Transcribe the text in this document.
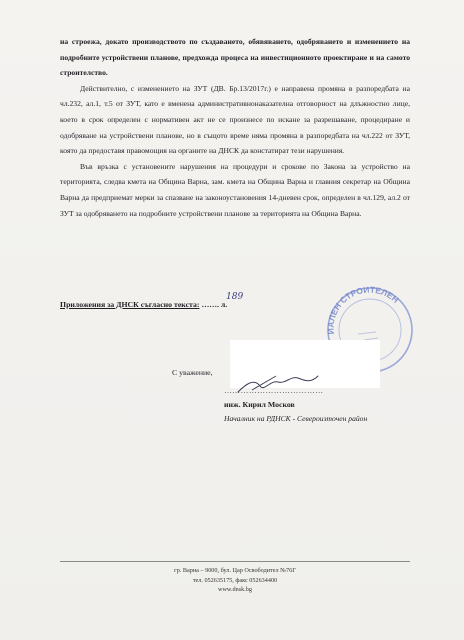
на строежа, докато производството по създаването, обявяването, одобряването и изменението на подробните устройствени планове, предхожда процеса на инвестиционното проектиране и на самото строителство.

Действително, с изменението на ЗУТ (ДВ. Бр.13/2017г.) е направена промяна в разпоредбата на чл.232, ал.1, т.5 от ЗУТ, като е вменена административнонаказателна отговорност на длъжностно лице, което в срок определен с нормативен акт не се произнесе по искане за разрешаване, процедиране и одобряване на устройствени планове, но в същото време няма промяна в разпоредбата на чл.222 от ЗУТ, която да предоставя правомощия на органите на ДНСК да констатират тези нарушения.

Във връзка с установените нарушения на процедури и срокове по Закона за устройство на територията, следва кмета на Община Варна, зам. кмета на Община Варна и главния секретар на Община Варна да предприемат мерки за спазване на законоустановения 14-дневен срок, определен в чл.129, ал.2 от ЗУТ за одобряването на подробните устройствени планове за територията на Община Варна.

Приложения за ДНСК съгласно текста: ……. л.
189
ИАЛЕН СТРОИТЕЛЕН
С уважение,
………………………………
инж. Кирил Москов
Началник на РДНСК - Североизточен район
гр. Варна – 9000, бул. Цар Освободител №76Г
тел. 052635175, факс 052634400
www.dnsk.bg
